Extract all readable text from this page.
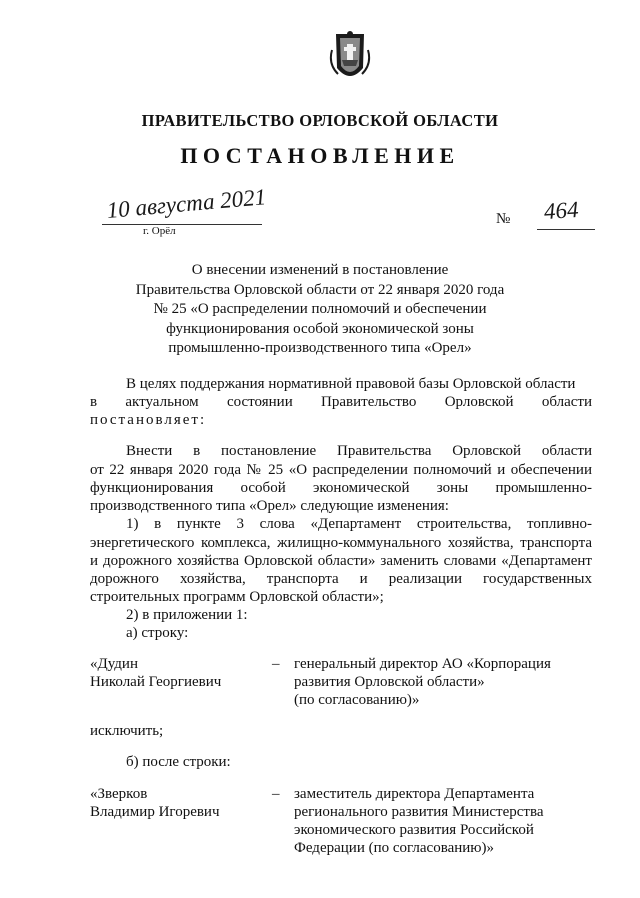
ПРАВИТЕЛЬСТВО ОРЛОВСКОЙ ОБЛАСТИ
ПОСТАНОВЛЕНИЕ
10 августа 2021
г. Орёл
№ 464
О внесении изменений в постановление
Правительства Орловской области от 22 января 2020 года
№ 25 «О распределении полномочий и обеспечении
функционирования особой экономической зоны
промышленно-производственного типа «Орел»
В целях поддержания нормативной правовой базы Орловской области
в актуальном состоянии Правительство Орловской области
постановляет:
Внести в постановление Правительства Орловской области
от 22 января 2020 года № 25 «О распределении полномочий и обеспечении
функционирования особой экономической зоны промышленно-
производственного типа «Орел» следующие изменения:
1) в пункте 3 слова «Департамент строительства, топливно-
энергетического комплекса, жилищно-коммунального хозяйства, транспорта
и дорожного хозяйства Орловской области» заменить словами «Департамент
дорожного хозяйства, транспорта и реализации государственных
строительных программ Орловской области»;
2) в приложении 1:
а) строку:
«Дудин
Николай Георгиевич
– генеральный директор АО «Корпорация
развития Орловской области»
(по согласованию)»
исключить;
б) после строки:
«Зверков
Владимир Игоревич
– заместитель директора Департамента
регионального развития Министерства
экономического развития Российской
Федерации (по согласованию)»
